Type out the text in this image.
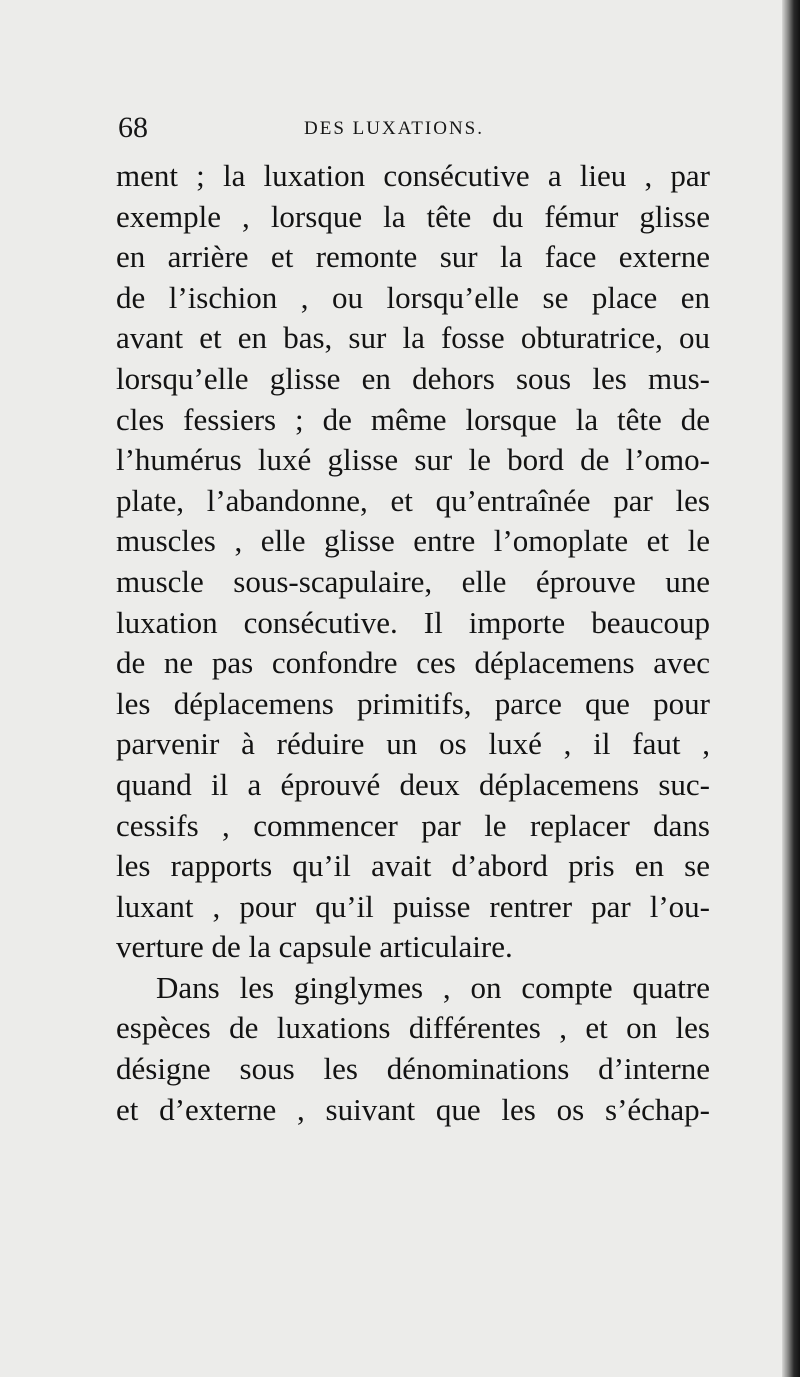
68	DES LUXATIONS.
ment ; la luxation consécutive a lieu , par
exemple , lorsque la tête du fémur glisse
en arrière et remonte sur la face externe
de l’ischion , ou lorsqu’elle se place en
avant et en bas, sur la fosse obturatrice, ou
lorsqu’elle glisse en dehors sous les mus-
cles fessiers ; de même lorsque la tête de
l’humérus luxé glisse sur le bord de l’omo-
plate, l’abandonne, et qu’entraînée par les
muscles , elle glisse entre l’omoplate et le
muscle sous-scapulaire, elle éprouve une
luxation consécutive. Il importe beaucoup
de ne pas confondre ces déplacemens avec
les déplacemens primitifs, parce que pour
parvenir à réduire un os luxé , il faut ,
quand il a éprouvé deux déplacemens suc-
cessifs , commencer par le replacer dans
les rapports qu’il avait d’abord pris en se
luxant , pour qu’il puisse rentrer par l’ou-
verture de la capsule articulaire.
Dans les ginglymes , on compte quatre
espèces de luxations différentes , et on les
désigne sous les dénominations d’interne
et d’externe , suivant que les os s’échap-
